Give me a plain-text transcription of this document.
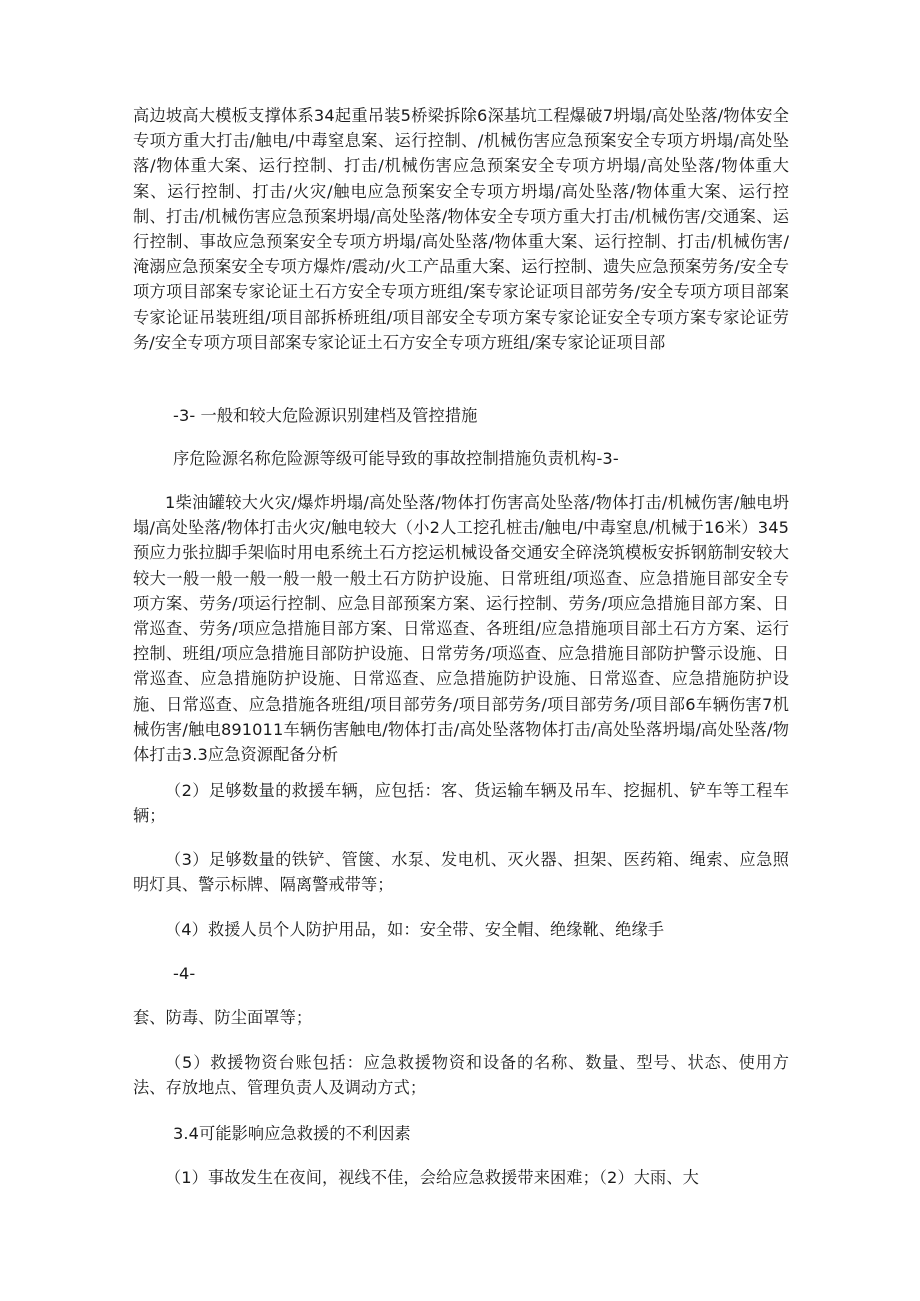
高边坡高大模板支撑体系34起重吊装5桥梁拆除6深基坑工程爆破7坍塌/高处坠落/物体安全专项方重大打击/触电/中毒窒息案、运行控制、/机械伤害应急预案安全专项方坍塌/高处坠落/物体重大案、运行控制、打击/机械伤害应急预案安全专项方坍塌/高处坠落/物体重大案、运行控制、打击/火灾/触电应急预案安全专项方坍塌/高处坠落/物体重大案、运行控制、打击/机械伤害应急预案坍塌/高处坠落/物体安全专项方重大打击/机械伤害/交通案、运行控制、事故应急预案安全专项方坍塌/高处坠落/物体重大案、运行控制、打击/机械伤害/淹溺应急预案安全专项方爆炸/震动/火工产品重大案、运行控制、遗失应急预案劳务/安全专项方项目部案专家论证土石方安全专项方班组/案专家论证项目部劳务/安全专项方项目部案专家论证吊装班组/项目部拆桥班组/项目部安全专项方案专家论证安全专项方案专家论证劳务/安全专项方项目部案专家论证土石方安全专项方班组/案专家论证项目部

-3- 一般和较大危险源识别建档及管控措施

序危险源名称危险源等级可能导致的事故控制措施负责机构-3-

1柴油罐较大火灾/爆炸坍塌/高处坠落/物体打伤害高处坠落/物体打击/机械伤害/触电坍塌/高处坠落/物体打击火灾/触电较大（小2人工挖孔桩击/触电/中毒窒息/机械于16米）345预应力张拉脚手架临时用电系统土石方挖运机械设备交通安全碎浇筑模板安拆钢筋制安较大较大一般一般一般一般一般一般土石方防护设施、日常班组/项巡查、应急措施目部安全专项方案、劳务/项运行控制、应急目部预案方案、运行控制、劳务/项应急措施目部方案、日常巡查、劳务/项应急措施目部方案、日常巡查、各班组/应急措施项目部土石方方案、运行控制、班组/项应急措施目部防护设施、日常劳务/项巡查、应急措施目部防护警示设施、日常巡查、应急措施防护设施、日常巡查、应急措施防护设施、日常巡查、应急措施防护设施、日常巡查、应急措施各班组/项目部劳务/项目部劳务/项目部劳务/项目部6车辆伤害7机械伤害/触电891011车辆伤害触电/物体打击/高处坠落物体打击/高处坠落坍塌/高处坠落/物体打击3.3应急资源配备分析

（2）足够数量的救援车辆，应包括：客、货运输车辆及吊车、挖掘机、铲车等工程车辆；

（3）足够数量的铁铲、管箧、水泵、发电机、灭火器、担架、医药箱、绳索、应急照明灯具、警示标牌、隔离警戒带等；

（4）救援人员个人防护用品，如：安全带、安全帽、绝缘靴、绝缘手

-4-

套、防毒、防尘面罩等；

（5）救援物资台账包括：应急救援物资和设备的名称、数量、型号、状态、使用方法、存放地点、管理负责人及调动方式；

3.4可能影响应急救援的不利因素

（1）事故发生在夜间，视线不佳，会给应急救援带来困难；（2）大雨、大
